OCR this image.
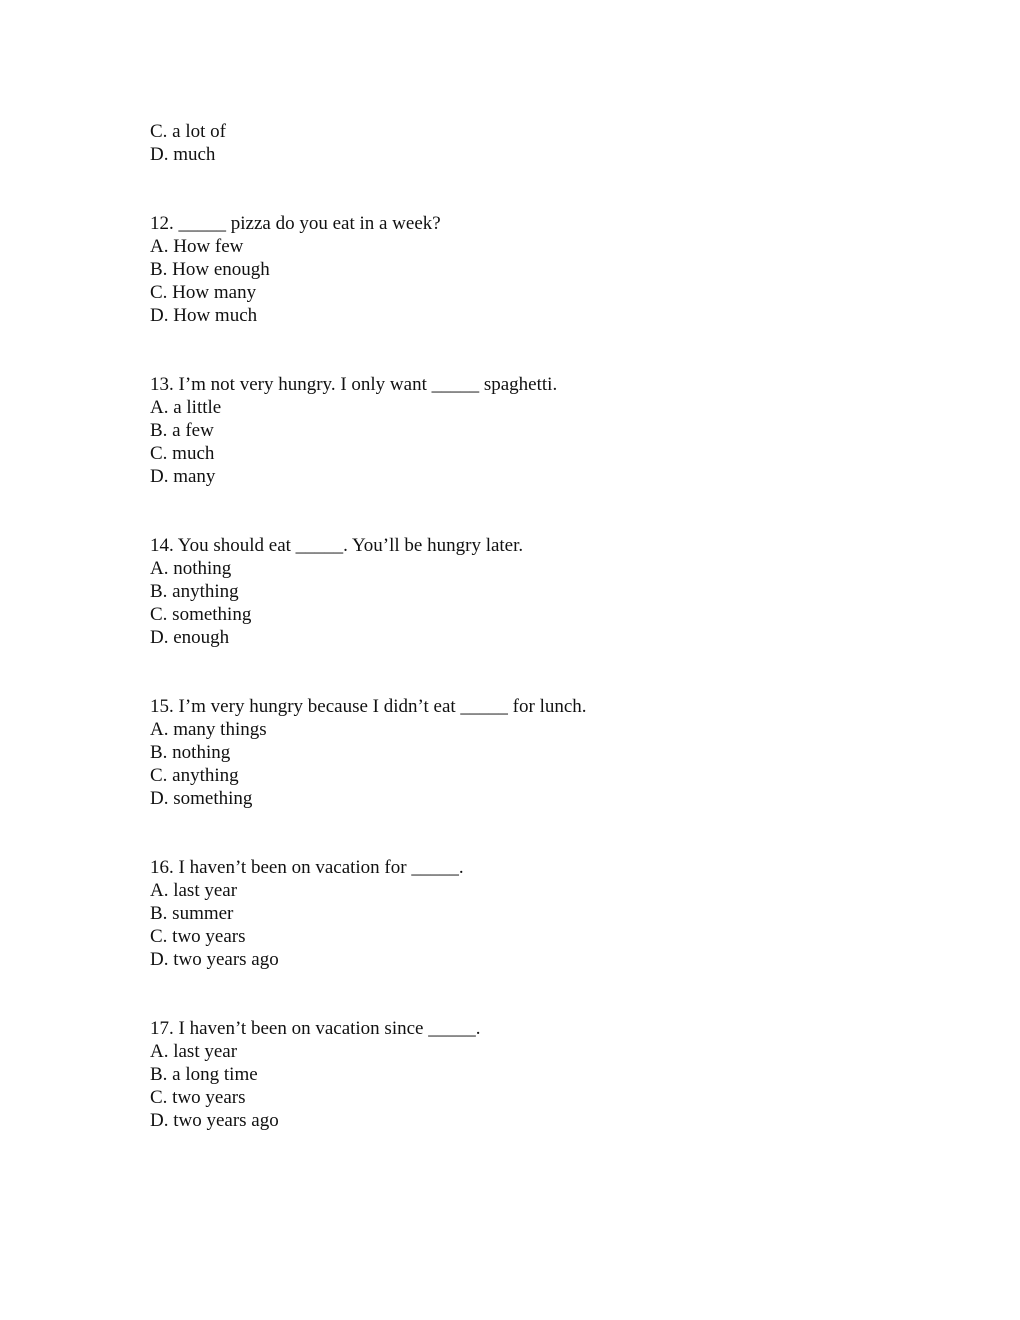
C. a lot of
D. much
12. _____ pizza do you eat in a week?
A. How few
B. How enough
C. How many
D. How much
13. I’m not very hungry. I only want _____ spaghetti.
A. a little
B. a few
C. much
D. many
14. You should eat _____. You’ll be hungry later.
A. nothing
B. anything
C. something
D. enough
15. I’m very hungry because I didn’t eat _____ for lunch.
A. many things
B. nothing
C. anything
D. something
16. I haven’t been on vacation for _____.
A. last year
B. summer
C. two years
D. two years ago
17. I haven’t been on vacation since _____.
A. last year
B. a long time
C. two years
D. two years ago
